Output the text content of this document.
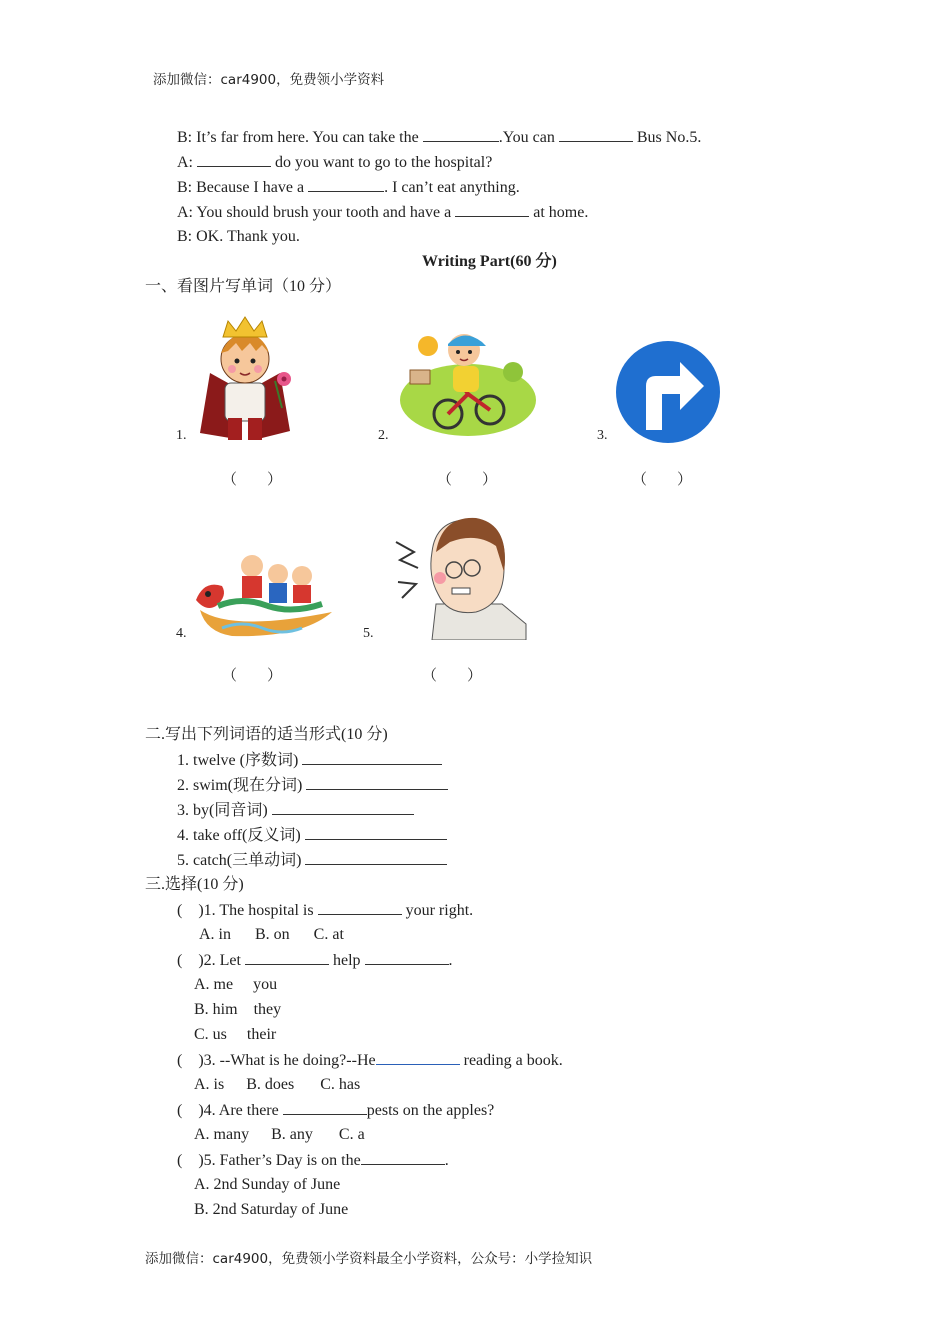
添加微信：car4900，免费领小学资料
B: It’s far from here. You can take the	.You can	Bus No.5.
A:	do you want to go to the hospital?
B: Because I have a	. I can’t eat anything.
A: You should brush your tooth and have a	at home.
B: OK. Thank you.
Writing Part(60 分)
一、看图片写单词（10 分）
1.
（　　）
2.
（　　）
3.
（　　）
4.
（　　）
5.
（　　）
二.写出下列词语的适当形式(10 分)
1. twelve (序数词)
2. swim(现在分词)
3. by(同音词)
4. take off(反义词)
5. catch(三单动词)
三.选择(10 分)
(　)1. The hospital is	your right.
A. in B. on C. at
(　)2. Let	help	.
A. me　 you
B. him　they
C. us　 their
(　)3. --What is he doing?--He	reading a book.
A. is B. does C. has
(　)4. Are there	pests on the apples?
A. many B. any C. a
(　)5. Father’s Day is on the	.
A. 2nd Sunday of June
B. 2nd Saturday of June
添加微信：car4900，免费领小学资料最全小学资料，公众号：小学捡知识
